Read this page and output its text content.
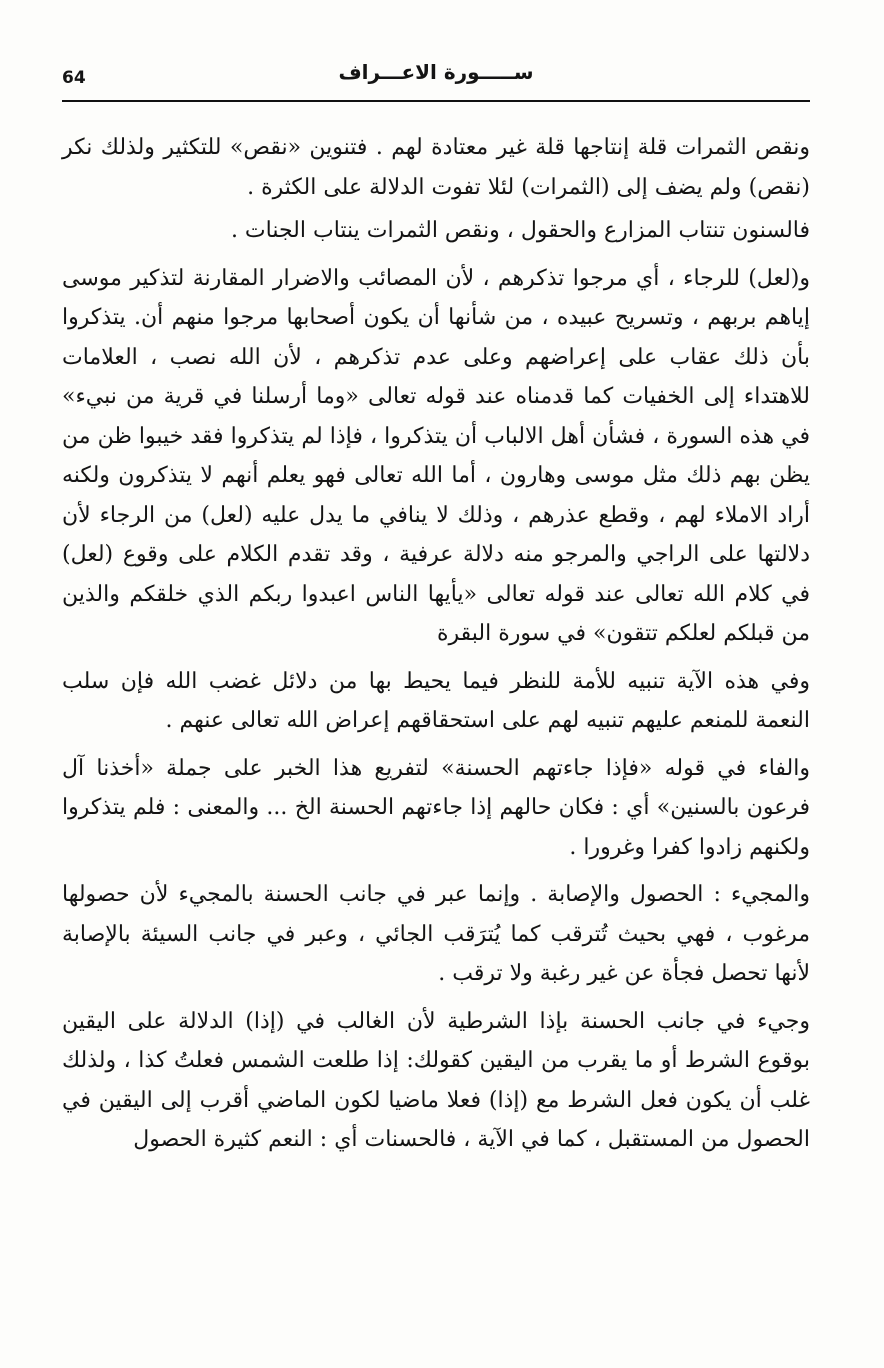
64	ســـــورة الاعـــراف

ونقص الثمرات قلة إنتاجها قلة غير معتادة لهم . فتنوين «نقص» للتكثير ولذلك نكر (نقص) ولم يضف إلى (الثمرات) لئلا تفوت الدلالة على الكثرة .

فالسنون تنتاب المزارع والحقول ، ونقص الثمرات ينتاب الجنات .

و(لعل) للرجاء ، أي مرجوا تذكرهم ، لأن المصائب والاضرار المقارنة لتذكير موسى إياهم بربهم ، وتسريح عبيده ، من شأنها أن يكون أصحابها مرجوا منهم أن. يتذكروا بأن ذلك عقاب على إعراضهم وعلى عدم تذكرهم ، لأن الله نصب ، العلامات للاهتداء إلى الخفيات كما قدمناه عند قوله تعالى «وما أرسلنا في قرية من نبيء» في هذه السورة ، فشأن أهل الالباب أن يتذكروا ، فإذا لم يتذكروا فقد خيبوا ظن من يظن بهم ذلك مثل موسى وهارون ، أما الله تعالى فهو يعلم أنهم لا يتذكرون ولكنه أراد الاملاء لهم ، وقطع عذرهم ، وذلك لا ينافي ما يدل عليه (لعل) من الرجاء لأن دلالتها على الراجي والمرجو منه دلالة عرفية ، وقد تقدم الكلام على وقوع (لعل) في كلام الله تعالى عند قوله تعالى «يأيها الناس اعبدوا ربكم الذي خلقكم والذين من قبلكم لعلكم تتقون» في سورة البقرة

وفي هذه الآية تنبيه للأمة للنظر فيما يحيط بها من دلائل غضب الله فإن سلب النعمة للمنعم عليهم تنبيه لهم على استحقاقهم إعراض الله تعالى عنهم .

والفاء في قوله «فإذا جاءتهم الحسنة» لتفريع هذا الخبر على جملة «أخذنا آل فرعون بالسنين» أي : فكان حالهم إذا جاءتهم الحسنة الخ ... والمعنى : فلم يتذكروا ولكنهم زادوا كفرا وغرورا .

والمجيء : الحصول والإصابة . وإنما عبر في جانب الحسنة بالمجيء لأن حصولها مرغوب ، فهي بحيث تُترقب كما يُترَقب الجائي ، وعبر في جانب السيئة بالإصابة لأنها تحصل فجأة عن غير رغبة ولا ترقب .

وجيء في جانب الحسنة بإذا الشرطية لأن الغالب في (إذا) الدلالة على اليقين بوقوع الشرط أو ما يقرب من اليقين كقولك: إذا طلعت الشمس فعلتُ كذا ، ولذلك غلب أن يكون فعل الشرط مع (إذا) فعلا ماضيا لكون الماضي أقرب إلى اليقين في الحصول من المستقبل ، كما في الآية ، فالحسنات أي : النعم كثيرة الحصول
